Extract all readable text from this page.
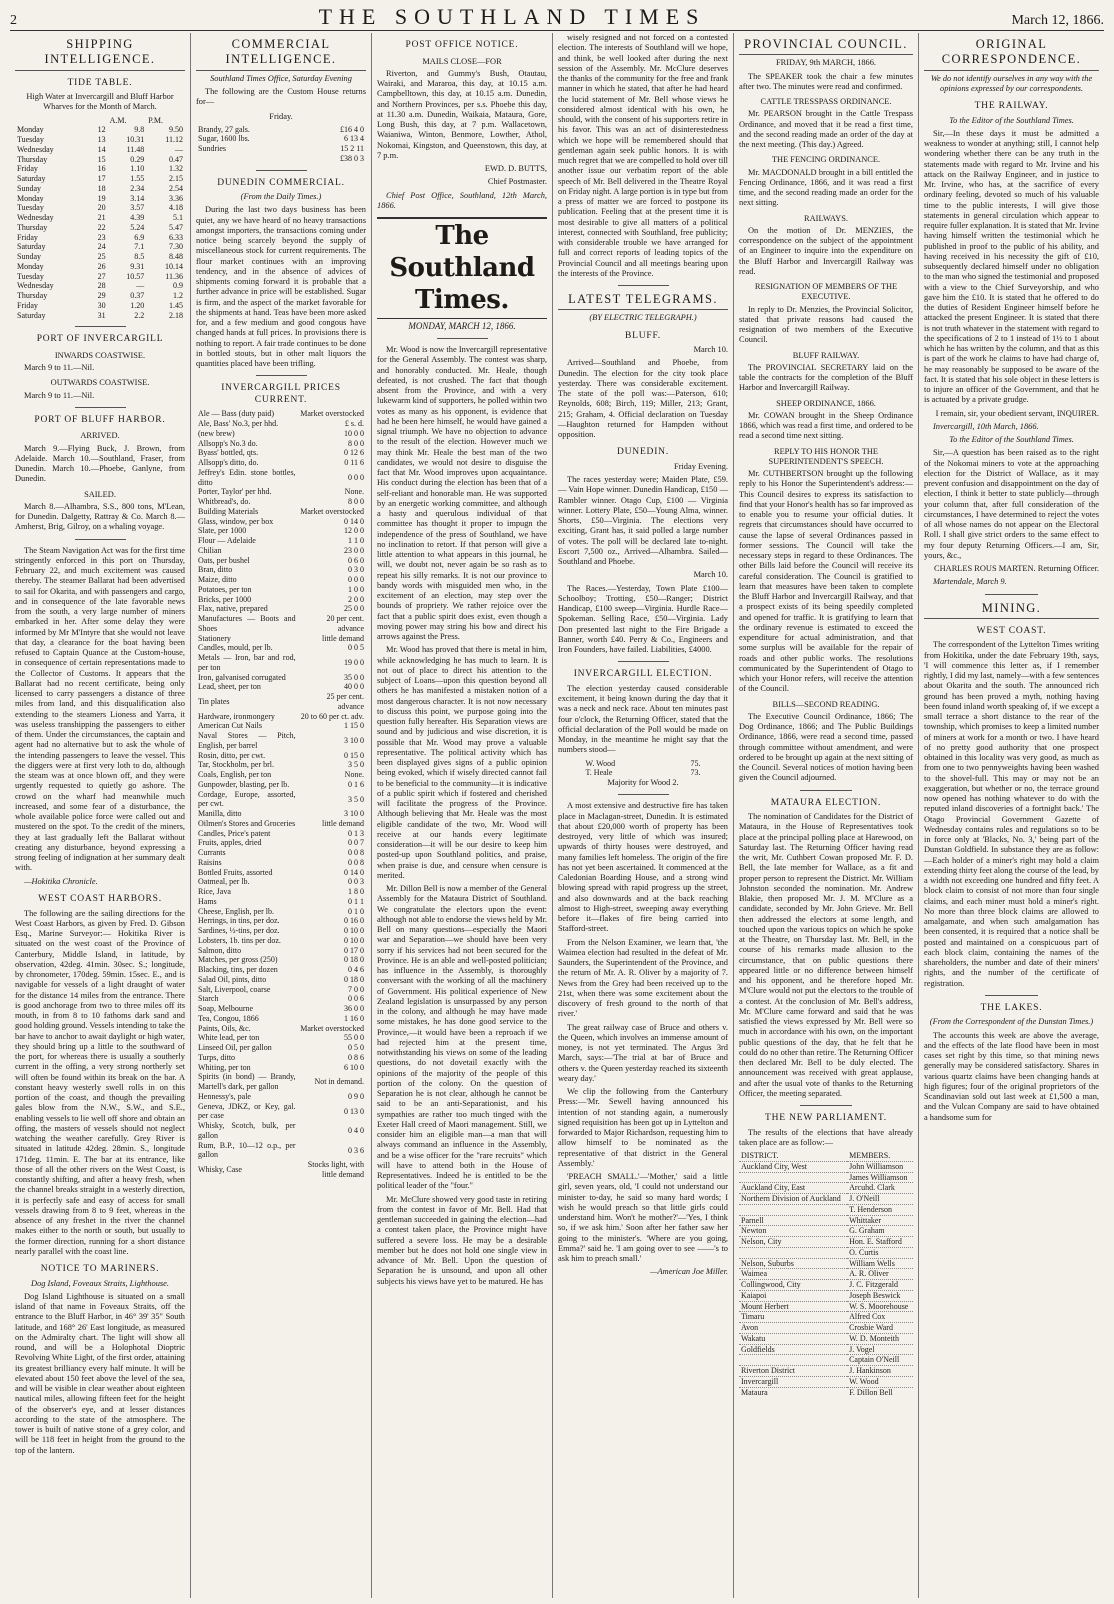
2	THE SOUTHLAND TIMES	March 12, 1866.
SHIPPING INTELLIGENCE.
TIDE TABLE.

High Water at Invercargill and Bluff Harbor Wharves for the Month of March.

		A.M.	P.M.
Monday	12	9.8	9.50
Tuesday	13	10.31	11.12
Wednesday	14	11.48	—
Thursday	15	0.29	0.47
Friday	16	1.10	1.32
Saturday	17	1.55	2.15
Sunday	18	2.34	2.54
Monday	19	3.14	3.36
Tuesday	20	3.57	4.18
Wednesday	21	4.39	5.1
Thursday	22	5.24	5.47
Friday	23	6.9	6.33
Saturday	24	7.1	7.30
Sunday	25	8.5	8.48
Monday	26	9.31	10.14
Tuesday	27	10.57	11.36
Wednesday	28	—	0.9
Thursday	29	0.37	1.2
Friday	30	1.20	1.45
Saturday	31	2.2	2.18
PORT OF INVERCARGILL
INWARDS COASTWISE.

March 9 to 11.—Nil.

OUTWARDS COASTWISE.

March 9 to 11.—Nil.

PORT OF BLUFF HARBOR.
ARRIVED.

March 9.—Flying Buck, J. Brown, from Adelaide. March 10.—Southland, Fraser, from Dunedin. March 10.—Phoebe, Ganlyne, from Dunedin.

SAILED.

March 8.—Alhambra, S.S., 800 tons, M'Lean, for Dunedin. Dalgetty, Rattray & Co. March 8.—Amherst, Brig, Gilroy, on a whaling voyage.

The Steam Navigation Act was for the first time stringently enforced in this port on Thursday, February 22, and much excitement was caused thereby. The steamer Ballarat had been advertised to sail for Okarita, and with passengers and cargo, and in consequence of the late favorable news from the south, a very large number of miners embarked in her. After some delay they were informed by Mr M'Intyre that she would not leave that day, a clearance for the boat having been refused to Captain Quance at the Custom-house, in consequence of certain representations made to the Collector of Customs. It appears that the Ballarat had no recent certificate, being only licensed to carry passengers a distance of three miles from land, and this disqualification also extending to the steamers Lioness and Yarra, it was useless transhipping the passengers to either of them. Under the circumstances, the captain and agent had no alternative but to ask the whole of the intending passengers to leave the vessel. This the diggers were at first very loth to do, although the steam was at once blown off, and they were urgently requested to quietly go ashore. The crowd on the wharf had meanwhile much increased, and some fear of a disturbance, the whole available police force were called out and mustered on the spot. To the credit of the miners, they at last gradually left the Ballarat without creating any disturbance, beyond expressing a strong feeling of indignation at her summary dealt with.

—Hokitika Chronicle.

WEST COAST HARBORS.

The following are the sailing directions for the West Coast Harbors, as given by Fred. D. Gibson Esq., Marine Surveyor:— Hokitika River is situated on the west coast of the Province of Canterbury, Middle Island, in latitude, by observation, 42deg. 41min. 30sec. S.; longitude, by chronometer, 170deg. 59min. 15sec. E., and is navigable for vessels of a light draught of water for the distance 14 miles from the entrance. There is good anchorage from two to three miles off its mouth, in from 8 to 10 fathoms dark sand and good holding ground. Vessels intending to take the bar have to anchor to await daylight or high water, they should bring up a little to the southward of the port, for whereas there is usually a southerly current in the offing, a very strong northerly set will often be found within its break on the bar. A constant heavy westerly swell rolls in on this portion of the coast, and though the prevailing gales blow from the N.W., S.W., and S.E., enabling vessels to lie well off shore and obtain an offing, the masters of vessels should not neglect watching the weather carefully. Grey River is situated in latitude 42deg. 28min. S., longitude 171deg. 11min. E. The bar at its entrance, like those of all the other rivers on the West Coast, is constantly shifting, and after a heavy fresh, when the channel breaks straight in a westerly direction, it is perfectly safe and easy of access for small vessels drawing from 8 to 9 feet, whereas in the absence of any freshet in the river the channel makes either to the north or south, but usually to the former direction, running for a short distance nearly parallel with the coast line.

NOTICE TO MARINERS.

Dog Island, Foveaux Straits, Lighthouse.

Dog Island Lighthouse is situated on a small island of that name in Foveaux Straits, off the entrance to the Bluff Harbor, in 46° 39' 35" South latitude, and 168° 26' East longitude, as measured on the Admiralty chart. The light will show all round, and will be a Holophotal Dioptric Revolving White Light, of the first order, attaining its greatest brilliancy every half minute. It will be elevated about 150 feet above the level of the sea, and will be visible in clear weather about eighteen nautical miles, allowing fifteen feet for the height of the observer's eye, and at lesser distances according to the state of the atmosphere. The tower is built of native stone of a grey color, and will be 118 feet in height from the ground to the top of the lantern.

COMMERCIAL INTELLIGENCE.

Southland Times Office, Saturday Evening

The following are the Custom House returns for—

Friday.
Brandy, 27 gals.	£16 4 0
Sugar, 1600 lbs.	6 13 4
Sundries	15 2 11
	£38 0 3
DUNEDIN COMMERCIAL.

(From the Daily Times.)

During the last two days business has been quiet, any we have heard of no heavy transactions amongst importers, the transactions coming under notice being scarcely beyond the supply of miscellaneous stock for current requirements. The flour market continues with an improving tendency, and in the absence of advices of shipments coming forward it is probable that a further advance in price will be established. Sugar is firm, and the aspect of the market favorable for the shipments at hand. Teas have been more asked for, and a few medium and good congous have changed hands at full prices. In provisions there is nothing to report. A fair trade continues to be done in bottled stouts, but in other malt liquors the quantities placed have been trifling.

INVERCARGILL PRICES CURRENT.
Ale — Bass (duty paid)	Market overstocked
Ale, Bass' No.3, per hhd.	£ s. d.
(new brew)	10 0 0
Allsopp's No.3 do.	8 0 0
Byass' bottled, qts.	0 12 6
Allsopp's ditto, do.	0 11 6
Jeffrey's Edin. stone bottles, ditto	0 0 0
Porter, Taylor' per hhd.	None.
Whitbread's, do.	8 0 0
Building Materials	Market overstocked
Glass, window, per box	0 14 0
Slate, per 1000	12 0 0
Flour — Adelaide	1 1 0
Chilian	23 0 0
Oats, per bushel	0 6 0
Bran, ditto	0 3 0
Maize, ditto	0 0 0
Potatoes, per ton	1 0 0
Bricks, per 1000	2 0 0
Flax, native, prepared	25 0 0
Manufactures — Boots and Shoes	20 per cent. advance
Stationery	little demand
Candles, mould, per lb.	0 0 5
Metals — Iron, bar and rod, per ton	19 0 0
Iron, galvanised corrugated	35 0 0
Lead, sheet, per ton	40 0 0
Tin plates	25 per cent. advance
Hardware, ironmongery	20 to 60 per ct. adv.
American Cut Nails	1 15 0
Naval Stores — Pitch, English, per barrel	3 10 0
Rosin, ditto, per cwt.	0 15 0
Tar, Stockholm, per brl.	3 5 0
Coals, English, per ton	None.
Gunpowder, blasting, per lb.	0 1 6
Cordage, Europe, assorted, per cwt.	3 5 0
Manilla, ditto	3 10 0
Oilmen's Stores and Groceries	little demand
Candles, Price's patent	0 1 3
Fruits, apples, dried	0 0 7
Currants	0 0 8
Raisins	0 0 8
Bottled Fruits, assorted	0 14 0
Oatmeal, per lb.	0 0 3
Rice, Java	1 8 0
Hams	0 1 1
Cheese, English, per lb.	0 1 0
Herrings, in tins, per doz.	0 16 0
Sardines, ½-tins, per doz.	0 10 0
Lobsters, 1b. tins per doz.	0 10 0
Salmon, ditto	0 17 0
Matches, per gross (250)	0 18 0
Blacking, tins, per dozen	0 4 6
Salad Oil, pints, ditto	0 18 0
Salt, Liverpool, coarse	7 0 0
Starch	0 0 6
Soap, Melbourne	36 0 0
Tea, Congou, 1866	1 16 0
Paints, Oils, &c.	Market overstocked
White lead, per ton	55 0 0
Linseed Oil, per gallon	0 5 0
Turps, ditto	0 8 6
Whiting, per ton	6 10 0
Spirits (in bond) — Brandy, Martell's dark, per gallon	Not in demand.
Hennessy's, pale	0 9 0
Geneva, JDKZ, or Key, gal. per case	0 13 0
Whisky, Scotch, bulk, per gallon	0 4 0
Rum, B.P., 10—12 o.p., per gallon	0 3 6
Whisky, Case	Stocks light, with little demand
POST OFFICE NOTICE.
MAILS CLOSE—FOR

Riverton, and Gummy's Bush, Otautau, Wairaki, and Mararoa, this day, at 10.15 a.m. Campbelltown, this day, at 10.15 a.m. Dunedin, and Northern Provinces, per s.s. Phoebe this day, at 11.30 a.m. Dunedin, Waikaia, Mataura, Gore, Long Bush, this day, at 7 p.m. Wallacetown, Waianiwa, Winton, Benmore, Lowther, Athol, Nokomai, Kingston, and Queenstown, this day, at 7 p.m.

EWD. D. BUTTS,

Chief Postmaster.

Chief Post Office, Southland, 12th March, 1866.

The Southland Times.

MONDAY, MARCH 12, 1866.

Mr. Wood is now the Invercargill representative for the General Assembly. The contest was sharp, and honorably conducted. Mr. Heale, though defeated, is not crushed. The fact that though absent from the Province, and with a very lukewarm kind of supporters, he polled within two votes as many as his opponent, is evidence that had he been here himself, he would have gained a signal triumph. We have no objection to advance to the result of the election. However much we may think Mr. Heale the best man of the two candidates, we would not desire to disguise the fact that Mr. Wood improves upon acquaintance. His conduct during the election has been that of a self-reliant and honorable man. He was supported by an energetic working committee, and although a hasty and querulous individual of that committee has thought it proper to impugn the independence of the press of Southland, we have no inclination to retort. If that person will give a little attention to what appears in this journal, he will, we doubt not, never again be so rash as to repeat his silly remarks. It is not our province to bandy words with misguided men who, in the excitement of an election, may step over the bounds of propriety. We rather rejoice over the fact that a public spirit does exist, even though a moving power may string his bow and direct his arrows against the Press.

Mr. Wood has proved that there is metal in him, while acknowledging he has much to learn. It is not out of place to direct his attention to the subject of Loans—upon this question beyond all others he has manifested a mistaken notion of a most dangerous character. It is not now necessary to discuss this point, we purpose going into the question fully hereafter. His Separation views are sound and by judicious and wise discretion, it is possible that Mr. Wood may prove a valuable representative. The political activity which has been displayed gives signs of a public opinion being evoked, which if wisely directed cannot fail to be beneficial to the community—it is indicative of a public spirit which if fostered and cherished will facilitate the progress of the Province. Although believing that Mr. Heale was the most eligible candidate of the two, Mr. Wood will receive at our hands every legitimate consideration—it will be our desire to keep him posted-up upon Southland politics, and praise, when praise is due, and censure when censure is merited.

Mr. Dillon Bell is now a member of the General Assembly for the Mataura District of Southland. We congratulate the electors upon the event: although not able to endorse the views held by Mr. Bell on many questions—especially the Maori war and Separation—we should have been very sorry if his services had not been secured for the Province. He is an able and well-posted politician; has influence in the Assembly, is thoroughly conversant with the working of all the machinery of Government. His political experience of New Zealand legislation is unsurpassed by any person in the colony, and although he may have made some mistakes, he has done good service to the Province,—it would have been a reproach if we had rejected him at the present time, notwithstanding his views on some of the leading questions, do not dovetail exactly with the opinions of the majority of the people of this portion of the colony. On the question of Separation he is not clear, although he cannot be said to be an anti-Separationist, and his sympathies are rather too much tinged with the Exeter Hall creed of Maori management. Still, we consider him an eligible man—a man that will always command an influence in the Assembly, and be a wise officer for the "rare recruits" which will have to attend both in the House of Representatives. Indeed he is entitled to be the political leader of the "four."

Mr. McClure showed very good taste in retiring from the contest in favor of Mr. Bell. Had that gentleman succeeded in gaining the election—had a contest taken place, the Province might have suffered a severe loss. He may be a desirable member but he does not hold one single view in advance of Mr. Bell. Upon the question of Separation he is unsound, and upon all other subjects his views have yet to be matured. He has

wisely resigned and not forced on a contested election. The interests of Southland will we hope, and think, be well looked after during the next session of the Assembly. Mr. McClure deserves the thanks of the community for the free and frank manner in which he stated, that after he had heard the lucid statement of Mr. Bell whose views he considered almost identical with his own, he should, with the consent of his supporters retire in his favor. This was an act of disinterestedness which we hope will be remembered should that gentleman again seek public honors. It is with much regret that we are compelled to hold over till another issue our verbatim report of the able speech of Mr. Bell delivered in the Theatre Royal on Friday night. A large portion is in type but from a press of matter we are forced to postpone its publication. Feeling that at the present time it is most desirable to give all matters of a political interest, connected with Southland, free publicity; with considerable trouble we have arranged for full and correct reports of leading topics of the Provincial Council and all meetings bearing upon the interests of the Province.

LATEST TELEGRAMS.

(BY ELECTRIC TELEGRAPH.)

BLUFF.

March 10.

Arrived—Southland and Phoebe, from Dunedin. The election for the city took place yesterday. There was considerable excitement. The state of the poll was:—Paterson, 610; Reynolds, 608; Birch, 119; Miller, 213; Grant, 215; Graham, 4. Official declaration on Tuesday—Haughton returned for Hampden without opposition.

DUNEDIN.

Friday Evening.

The races yesterday were; Maiden Plate, £59. — Vain Hope winner. Dunedin Handicap, £150 — Rambler winner. Otago Cup, £100 — Virginia winner. Lottery Plate, £50—Young Alma, winner. Shorts, £50—Virginia. The elections very exciting, Grant has, it said polled a large number of votes. The poll will be declared late to-night. Escort 7,500 oz., Arrived—Alhambra. Sailed—Southland and Phoebe.

March 10.

The Races.—Yesterday, Town Plate £100—Schoolboy; Trotting, £50—Ranger; District Handicap, £100 sweep—Virginia. Hurdle Race—Spokeman. Selling Race, £50—Virginia. Lady Don presented last night to the Fire Brigade a Banner, worth £40. Perry & Co., Engineers and Iron Founders, have failed. Liabilities, £4000.

INVERCARGILL ELECTION.

The election yesterday caused considerable excitement, it being known during the day that it was a neck and neck race. About ten minutes past four o'clock, the Returning Officer, stated that the official declaration of the Poll would be made on Monday, in the meantime he might say that the numbers stood—

W. Wood	75.
T. Heale	73.

Majority for Wood 2.

A most extensive and destructive fire has taken place in Maclagan-street, Dunedin. It is estimated that about £20,000 worth of property has been destroyed, very little of which was insured; upwards of thirty houses were destroyed, and many families left homeless. The origin of the fire has not yet been ascertained. It commenced at the Caledonian Boarding House, and a strong wind blowing spread with rapid progress up the street, and also downwards and at the back reaching almost to High-street, sweeping away everything before it—flakes of fire being carried into Stafford-street.

From the Nelson Examiner, we learn that, 'the Waimea election had resulted in the defeat of Mr. Saunders, the Superintendent of the Province, and the return of Mr. A. R. Oliver by a majority of 7. News from the Grey had been received up to the 21st, when there was some excitement about the discovery of fresh ground to the north of that river.'

The great railway case of Bruce and others v. the Queen, which involves an immense amount of money, is not yet terminated. The Argus 3rd March, says:—'The trial at bar of Bruce and others v. the Queen yesterday reached its sixteenth weary day.'

We clip the following from the Canterbury Press:—'Mr. Sewell having announced his intention of not standing again, a numerously signed requisition has been got up in Lyttelton and forwarded to Major Richardson, requesting him to allow himself to be nominated as the representative of that district in the General Assembly.'

'PREACH SMALL.'—'Mother,' said a little girl, seven years, old, 'I could not understand our minister to-day, he said so many hard words; I wish he would preach so that little girls could understand him. Won't he mother?'—'Yes, I think so, if we ask him.' Soon after her father saw her going to the minister's. 'Where are you going, Emma?' said he. 'I am going over to see ——'s to ask him to preach small.'

—American Joe Miller.

PROVINCIAL COUNCIL.

FRIDAY, 9th MARCH, 1866.

The SPEAKER took the chair a few minutes after two. The minutes were read and confirmed.

CATTLE TRESSPASS ORDINANCE.

Mr. PEARSON brought in the Cattle Trespass Ordinance, and moved that it be read a first time, and the second reading made an order of the day at the next meeting. (This day.) Agreed.

THE FENCING ORDINANCE.

Mr. MACDONALD brought in a bill entitled the Fencing Ordinance, 1866, and it was read a first time, and the second reading made an order for the next sitting.

RAILWAYS.

On the motion of Dr. MENZIES, the correspondence on the subject of the appointment of an Engineer to inquire into the expenditure on the Bluff Harbor and Invercargill Railway was read.

RESIGNATION OF MEMBERS OF THE EXECUTIVE.

In reply to Dr. Menzies, the Provincial Solicitor, stated that private reasons had caused the resignation of two members of the Executive Council.

BLUFF RAILWAY.

The PROVINCIAL SECRETARY laid on the table the contracts for the completion of the Bluff Harbor and Invercargill Railway.

SHEEP ORDINANCE, 1866.

Mr. COWAN brought in the Sheep Ordinance 1866, which was read a first time, and ordered to be read a second time next sitting.

REPLY TO HIS HONOR THE SUPERINTENDENT'S SPEECH.

Mr. CUTHBERTSON brought up the following reply to his Honor the Superintendent's address:—This Council desires to express its satisfaction to find that your Honor's health has so far improved as to enable you to resume your official duties. It regrets that circumstances should have occurred to cause the lapse of several Ordinances passed in former sessions. The Council will take the necessary steps in regard to these Ordinances. The other Bills laid before the Council will receive its careful consideration. The Council is gratified to learn that measures have been taken to complete the Bluff Harbor and Invercargill Railway, and that a prospect exists of its being speedily completed and opened for traffic. It is gratifying to learn that the ordinary revenue is estimated to exceed the expenditure for actual administration, and that some surplus will be available for the repair of roads and other public works. The resolutions communicated by the Superintendent of Otago to which your Honor refers, will receive the attention of the Council.

BILLS—SECOND READING.

The Executive Council Ordinance, 1866; The Dog Ordinance, 1866; and The Public Buildings Ordinance, 1866, were read a second time, passed through committee without amendment, and were ordered to be brought up again at the next sitting of the Council. Several notices of motion having been given the Council adjourned.

MATAURA ELECTION.

The nomination of Candidates for the District of Mataura, in the House of Representatives took place at the principal polling place at Harewood, on Saturday last. The Returning Officer having read the writ, Mr. Cuthbert Cowan proposed Mr. F. D. Bell, the late member for Wallace, as a fit and proper person to represent the District. Mr. William Johnston seconded the nomination. Mr. Andrew Blakie, then proposed Mr. J. M. M'Clure as a candidate, seconded by Mr. John Grieve. Mr. Bell then addressed the electors at some length, and touched upon the various topics on which he spoke at the Theatre, on Thursday last. Mr. Bell, in the course of his remarks made allusion to the circumstance, that on public questions there appeared little or no difference between himself and his opponent, and he therefore hoped Mr. M'Clure would not put the electors to the trouble of a contest. At the conclusion of Mr. Bell's address, Mr. M'Clure came forward and said that he was satisfied the views expressed by Mr. Bell were so much in accordance with his own, on the important public questions of the day, that he felt that he could do no other than retire. The Returning Officer then declared Mr. Bell to be duly elected. The announcement was received with great applause, and after the usual vote of thanks to the Returning Officer, the meeting separated.

THE NEW PARLIAMENT.

The results of the elections that have already taken place are as follow:—

DISTRICT.	MEMBERS.
Auckland City, West	John Williamson
	James Williamson
Auckland City, East	Arcuhd. Clark
Northern Division of Auckland	J. O'Neill
	T. Henderson
Parnell	Whittaker
Newton	G. Graham
Nelson, City	Hon. E. Stafford
	O. Curtis
Nelson, Suburbs	William Wells
Waimea	A. R. Oliver
Collingwood, City	J. C. Fitzgerald
Kaiapoi	Joseph Beswick
Mount Herbert	W. S. Moorehouse
Timaru	Alfred Cox
Avon	Crosbie Ward
Wakatu	W. D. Monteith
Goldfields	J. Vogel
	Captain O'Neill
Riverton District	J. Hankinson
Invercargill	W. Wood
Mataura	F. Dillon Bell
ORIGINAL CORRESPONDENCE.

We do not identify ourselves in any way with the opinions expressed by our correspondents.

THE RAILWAY.

To the Editor of the Southland Times.

Sir,—In these days it must be admitted a weakness to wonder at anything; still, I cannot help wondering whether there can be any truth in the statements made with regard to Mr. Irvine and his attack on the Railway Engineer, and in justice to Mr. Irvine, who has, at the sacrifice of every ordinary feeling, devoted so much of his valuable time to the public interests, I will give those statements in general circulation which appear to require fuller explanation. It is stated that Mr. Irvine having himself written the testimonial which he published in proof to the public of his ability, and having received in his necessity the gift of £10, subsequently declared himself under no obligation to the man who signed the testimonial and proposed with a view to the Chief Surveyorship, and who gave him the £10. It is stated that he offered to do the duties of Resident Engineer himself before he attacked the present Engineer. It is stated that there is not truth whatever in the statement with regard to the specifications of 2 to 1 instead of 1½ to 1 about which he has written by the column, and that as this is part of the work he claims to have had charge of, he may reasonably be supposed to be aware of the fact. It is stated that his sole object in these letters is to injure an officer of the Government, and that he is actuated by a private grudge.

I remain, sir, your obedient servant, INQUIRER.

Invercargill, 10th March, 1866.

To the Editor of the Southland Times.

Sir,—A question has been raised as to the right of the Nokomai miners to vote at the approaching election for the District of Wallace, as it may prevent confusion and disappointment on the day of election, I think it better to state publicly—through your column that, after full consideration of the circumstances, I have determined to reject the votes of all whose names do not appear on the Electoral Roll. I shall give strict orders to the same effect to my four deputy Returning Officers.—I am, Sir, yours, &c.,

CHARLES ROUS MARTEN. Returning Officer.

Martendale, March 9.

MINING.
WEST COAST.

The correspondent of the Lyttelton Times writing from Hokitika, under the date February 19th, says, 'I will commence this letter as, if I remember rightly, I did my last, namely—with a few sentences about Okarita and the south. The announced rich ground has been proved a myth, nothing having been found inland worth speaking of, if we except a small terrace a short distance to the rear of the township, which promises to keep a limited number of miners at work for a month or two. I have heard of no pretty good authority that one prospect obtained in this locality was very good, as much as from one to two pennyweights having been washed to the shovel-full. This may or may not be an exaggeration, but whether or no, the terrace ground now opened has nothing whatever to do with the reputed inland discoveries of a fortnight back.' The Otago Provincial Government Gazette of Wednesday contains rules and regulations so to be in force only at 'Blacks, No. 3,' being part of the Dunstan Goldfield. In substance they are as follow:—Each holder of a miner's right may hold a claim extending thirty feet along the course of the lead, by a width not exceeding one hundred and fifty feet. A block claim to consist of not more than four single claims, and each miner must hold a miner's right. No more than three block claims are allowed to amalgamate, and when such amalgamation has been consented, it is required that a notice shall be posted and maintained on a conspicuous part of each block claim, containing the names of the shareholders, the number and date of their miners' rights, and the number of the certificate of registration.

THE LAKES.

(From the Correspondent of the Dunstan Times.)

The accounts this week are above the average, and the effects of the late flood have been in most cases set right by this time, so that mining news generally may be considered satisfactory. Shares in various quartz claims have been changing hands at high figures; four of the original proprietors of the Scandinavian sold out last week at £1,500 a man, and the Vulcan Company are said to have obtained a handsome sum for
